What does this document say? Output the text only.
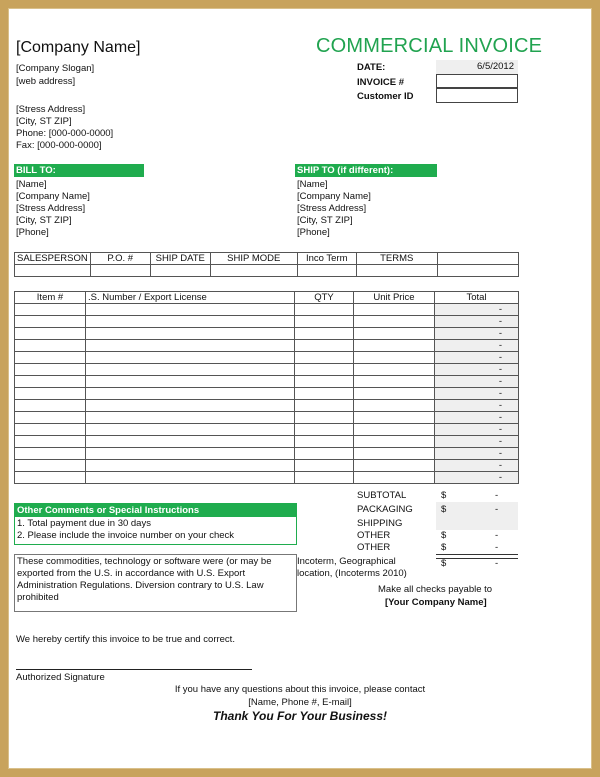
[Company Name]	COMMERCIAL INVOICE
[Company Slogan]
[web address]
[Stress Address]
[City, ST ZIP]
Phone: [000-000-0000]
Fax: [000-000-0000]
DATE:	6/5/2012
INVOICE #
Customer ID
BILL TO:
[Name]
[Company Name]
[Stress Address]
[City, ST ZIP]
[Phone]
SHIP TO (if different):
[Name]
[Company Name]
[Stress Address]
[City, ST ZIP]
[Phone]
SALESPERSON	P.O. #	SHIP DATE	SHIP MODE	Inco Term	TERMS	

Item #	.S. Number / Export License	QTY	Unit Price	Total
				-
				-
				-
				-
				-
				-
				-
				-
				-
				-
				-
				-
				-
				-
				-
SUBTOTAL	$	-
PACKAGING	$	-
SHIPPING
OTHER	$	-
OTHER	$	-
$	-
Other Comments or Special Instructions
1. Total payment due in 30 days
2. Please include the invoice number on your check
These commodities, technology or software were (or may be exported from the U.S. in accordance with U.S. Export Administration Regulations. Diversion contrary to U.S. Law prohibited
Incoterm, Geographical location, (Incoterms 2010)
Make all checks payable to
[Your Company Name]
We hereby certify this invoice to be true and correct.
Authorized Signature
If you have any questions about this invoice, please contact
[Name, Phone #, E-mail]
Thank You For Your Business!
